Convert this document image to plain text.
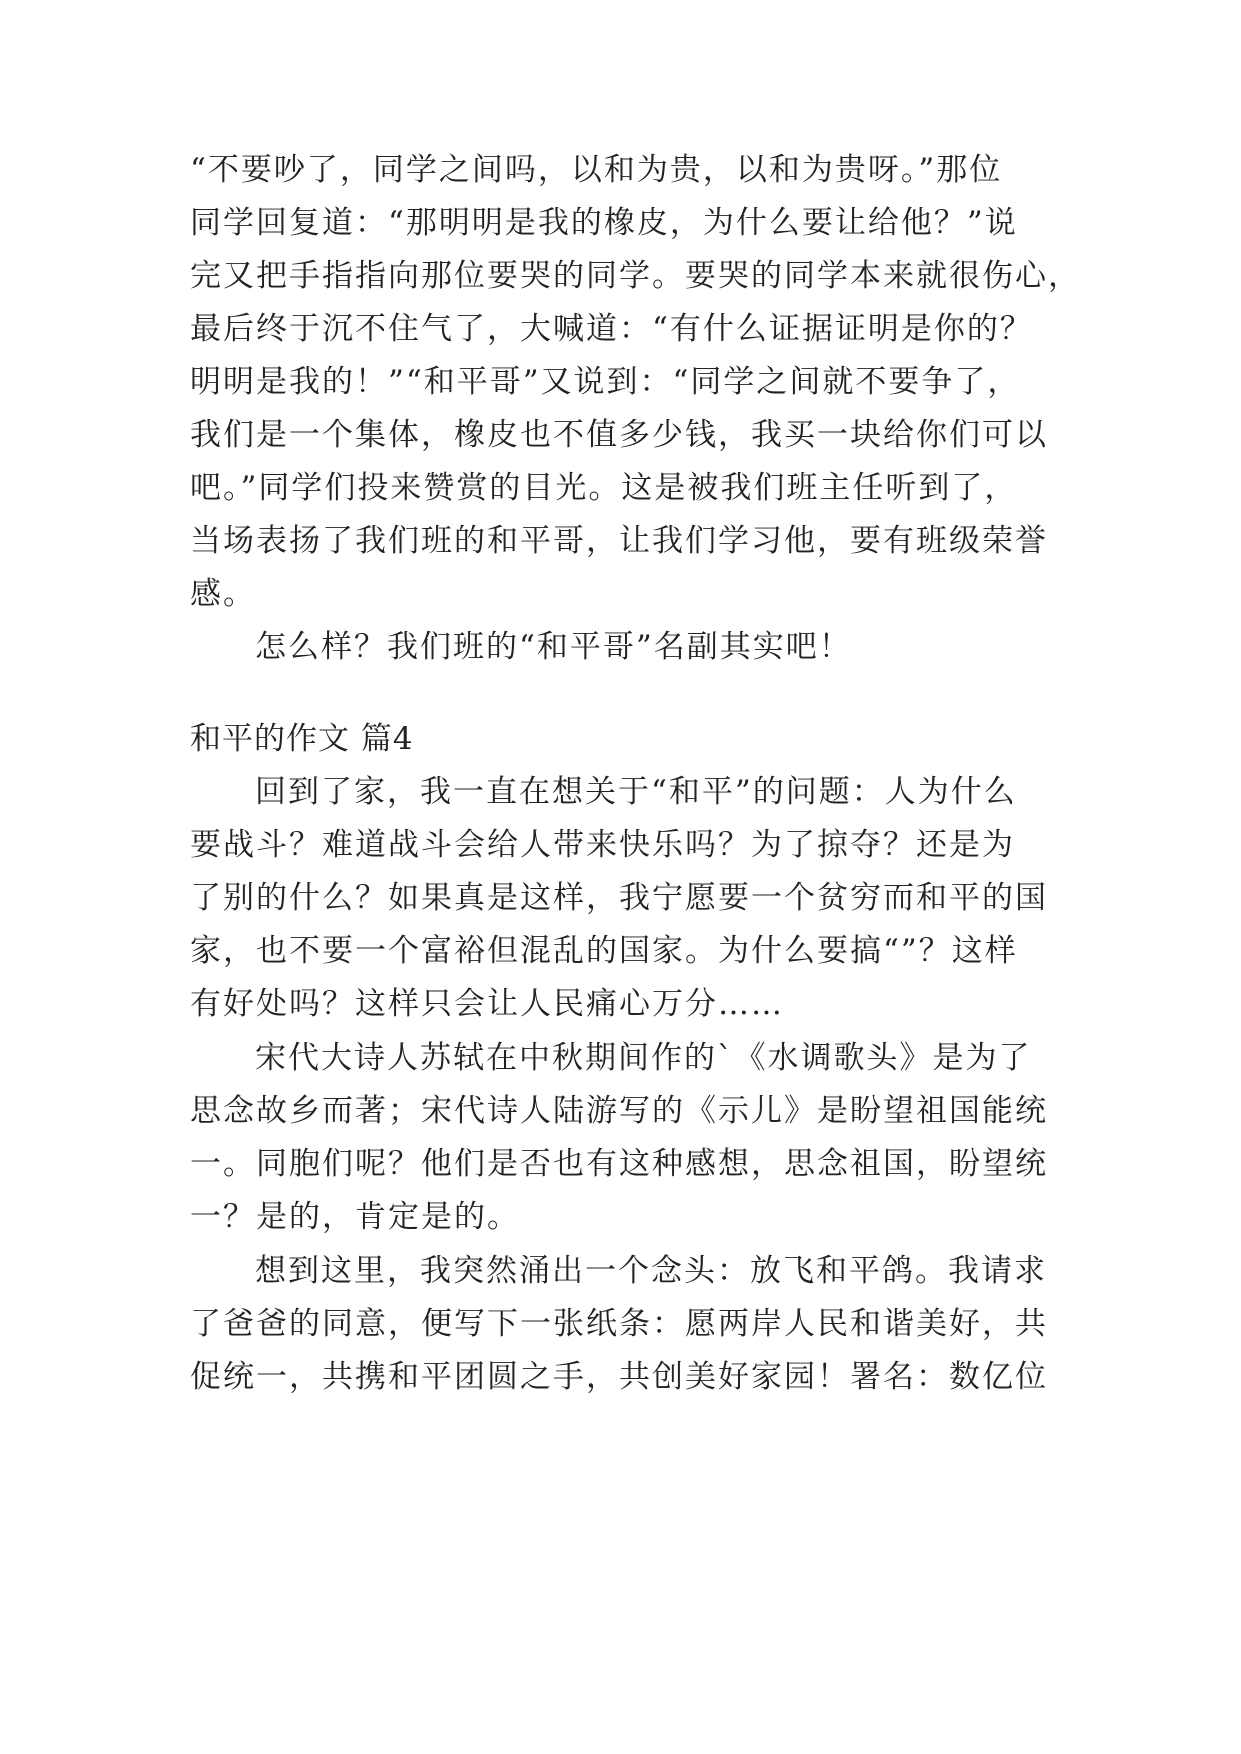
“不要吵了，同学之间吗，以和为贵，以和为贵呀。”那位
同学回复道：“那明明是我的橡皮，为什么要让给他？”说
完又把手指指向那位要哭的同学。要哭的同学本来就很伤心，
最后终于沉不住气了，大喊道：“有什么证据证明是你的？
明明是我的！”“和平哥”又说到：“同学之间就不要争了，
我们是一个集体，橡皮也不值多少钱，我买一块给你们可以
吧。”同学们投来赞赏的目光。这是被我们班主任听到了，
当场表扬了我们班的和平哥，让我们学习他，要有班级荣誉
感。
怎么样？我们班的“和平哥”名副其实吧！
和平的作文 篇4
回到了家，我一直在想关于“和平”的问题：人为什么
要战斗？难道战斗会给人带来快乐吗？为了掠夺？还是为
了别的什么？如果真是这样，我宁愿要一个贫穷而和平的国
家，也不要一个富裕但混乱的国家。为什么要搞“”？这样
有好处吗？这样只会让人民痛心万分……
宋代大诗人苏轼在中秋期间作的`《水调歌头》是为了
思念故乡而著；宋代诗人陆游写的《示儿》是盼望祖国能统
一。同胞们呢？他们是否也有这种感想，思念祖国，盼望统
一？是的，肯定是的。
想到这里，我突然涌出一个念头：放飞和平鸽。我请求
了爸爸的同意，便写下一张纸条：愿两岸人民和谐美好，共
促统一，共携和平团圆之手，共创美好家园！署名：数亿位
